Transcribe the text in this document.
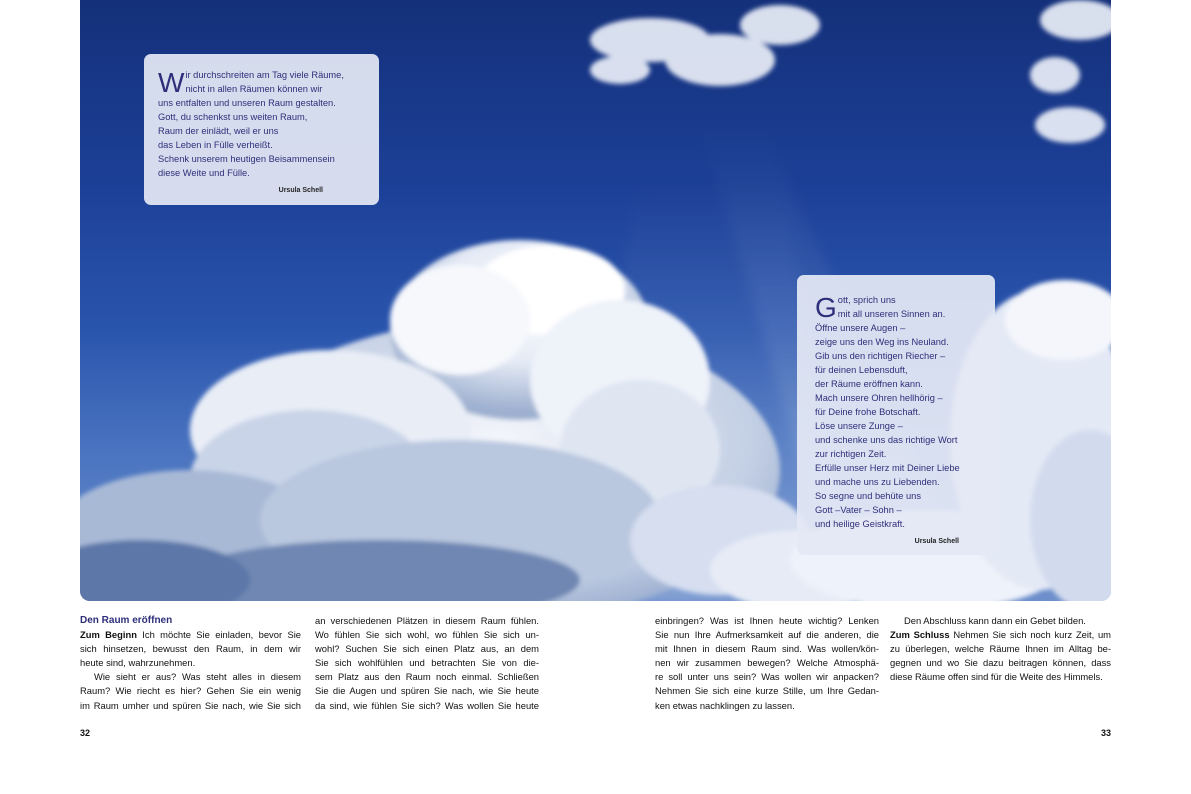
W ir durchschreiten am Tag viele Räume,
nicht in allen Räumen können wir
uns entfalten und unseren Raum gestalten.
Gott, du schenkst uns weiten Raum,
Raum der einlädt, weil er uns
das Leben in Fülle verheißt.
Schenk unserem heutigen Beisammensein
diese Weite und Fülle.
Ursula Schell
G ott, sprich uns
mit all unseren Sinnen an.
Öffne unsere Augen –
zeige uns den Weg ins Neuland.
Gib uns den richtigen Riecher –
für deinen Lebensduft,
der Räume eröffnen kann.
Mach unsere Ohren hellhörig –
für Deine frohe Botschaft.
Löse unsere Zunge –
und schenke uns das richtige Wort
zur richtigen Zeit.
Erfülle unser Herz mit Deiner Liebe
und mache uns zu Liebenden.
So segne und behüte uns
Gott –Vater – Sohn –
und heilige Geistkraft.
Ursula Schell
Den Raum eröffnen
Zum Beginn Ich möchte Sie einladen, bevor Sie
sich hinsetzen, bewusst den Raum, in dem wir
heute sind, wahrzunehmen.
Wie sieht er aus? Was steht alles in diesem
Raum? Wie riecht es hier? Gehen Sie ein wenig
im Raum umher und spüren Sie nach, wie Sie sich
an verschiedenen Plätzen in diesem Raum fühlen.
Wo fühlen Sie sich wohl, wo fühlen Sie sich un-
wohl? Suchen Sie sich einen Platz aus, an dem
Sie sich wohlfühlen und betrachten Sie von die-
sem Platz aus den Raum noch einmal. Schließen
Sie die Augen und spüren Sie nach, wie Sie heute
da sind, wie fühlen Sie sich? Was wollen Sie heute
einbringen? Was ist Ihnen heute wichtig? Lenken
Sie nun Ihre Aufmerksamkeit auf die anderen, die
mit Ihnen in diesem Raum sind. Was wollen/kön-
nen wir zusammen bewegen? Welche Atmosphä-
re soll unter uns sein? Was wollen wir anpacken?
Nehmen Sie sich eine kurze Stille, um Ihre Gedan-
ken etwas nachklingen zu lassen.
Den Abschluss kann dann ein Gebet bilden.
Zum Schluss Nehmen Sie sich noch kurz Zeit, um
zu überlegen, welche Räume Ihnen im Alltag be-
gegnen und wo Sie dazu beitragen können, dass
diese Räume offen sind für die Weite des Himmels.
32	33
